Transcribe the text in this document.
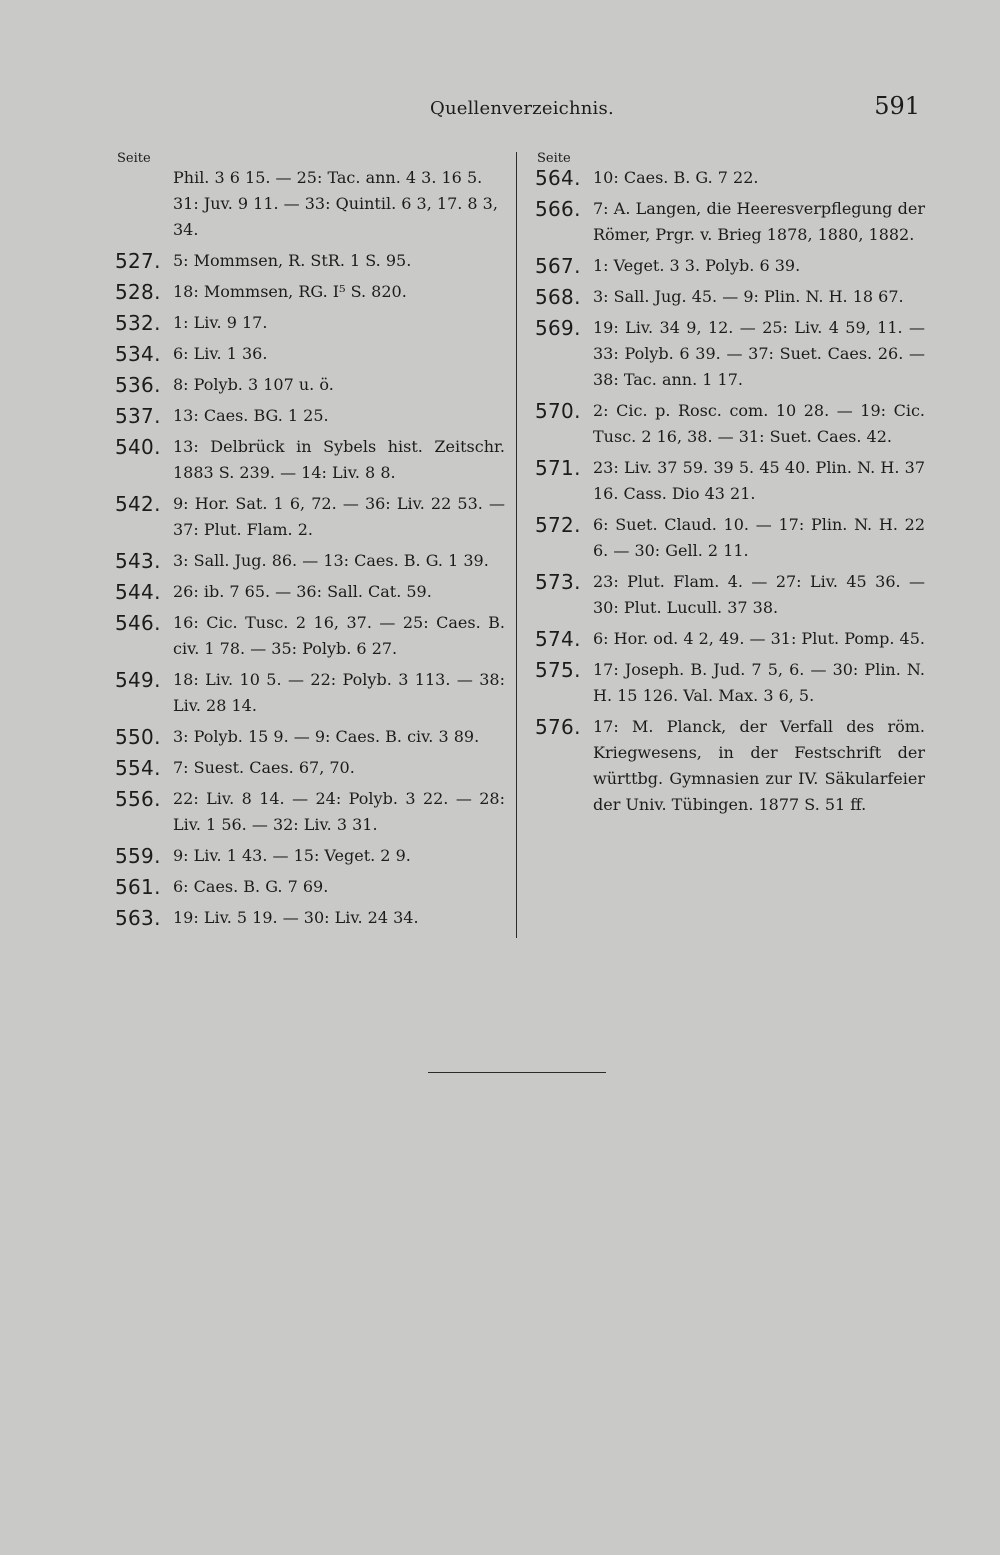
Quellenverzeichnis.	591
Seite
Phil. 3 6 15. — 25: Tac. ann. 4 3. 16 5. 31: Juv. 9 11. — 33: Quintil. 6 3, 17. 8 3, 34.
527. 5: Mommsen, R. StR. 1 S. 95.
528. 18: Mommsen, RG. I⁵ S. 820.
532. 1: Liv. 9 17.
534. 6: Liv. 1 36.
536. 8: Polyb. 3 107 u. ö.
537. 13: Caes. BG. 1 25.
540. 13: Delbrück in Sybels hist. Zeitschr. 1883 S. 239. — 14: Liv. 8 8.
542. 9: Hor. Sat. 1 6, 72. — 36: Liv. 22 53. — 37: Plut. Flam. 2.
543. 3: Sall. Jug. 86. — 13: Caes. B. G. 1 39.
544. 26: ib. 7 65. — 36: Sall. Cat. 59.
546. 16: Cic. Tusc. 2 16, 37. — 25: Caes. B. civ. 1 78. — 35: Polyb. 6 27.
549. 18: Liv. 10 5. — 22: Polyb. 3 113. — 38: Liv. 28 14.
550. 3: Polyb. 15 9. — 9: Caes. B. civ. 3 89.
554. 7: Suest. Caes. 67, 70.
556. 22: Liv. 8 14. — 24: Polyb. 3 22. — 28: Liv. 1 56. — 32: Liv. 3 31.
559. 9: Liv. 1 43. — 15: Veget. 2 9.
561. 6: Caes. B. G. 7 69.
563. 19: Liv. 5 19. — 30: Liv. 24 34.
Seite
564. 10: Caes. B. G. 7 22.
566. 7: A. Langen, die Heeresverpflegung der Römer, Prgr. v. Brieg 1878, 1880, 1882.
567. 1: Veget. 3 3. Polyb. 6 39.
568. 3: Sall. Jug. 45. — 9: Plin. N. H. 18 67.
569. 19: Liv. 34 9, 12. — 25: Liv. 4 59, 11. — 33: Polyb. 6 39. — 37: Suet. Caes. 26. — 38: Tac. ann. 1 17.
570. 2: Cic. p. Rosc. com. 10 28. — 19: Cic. Tusc. 2 16, 38. — 31: Suet. Caes. 42.
571. 23: Liv. 37 59. 39 5. 45 40. Plin. N. H. 37 16. Cass. Dio 43 21.
572. 6: Suet. Claud. 10. — 17: Plin. N. H. 22 6. — 30: Gell. 2 11.
573. 23: Plut. Flam. 4. — 27: Liv. 45 36. — 30: Plut. Lucull. 37 38.
574. 6: Hor. od. 4 2, 49. — 31: Plut. Pomp. 45.
575. 17: Joseph. B. Jud. 7 5, 6. — 30: Plin. N. H. 15 126. Val. Max. 3 6, 5.
576. 17: M. Planck, der Verfall des röm. Kriegwesens, in der Festschrift der württbg. Gymnasien zur IV. Säkularfeier der Univ. Tübingen. 1877 S. 51 ff.
